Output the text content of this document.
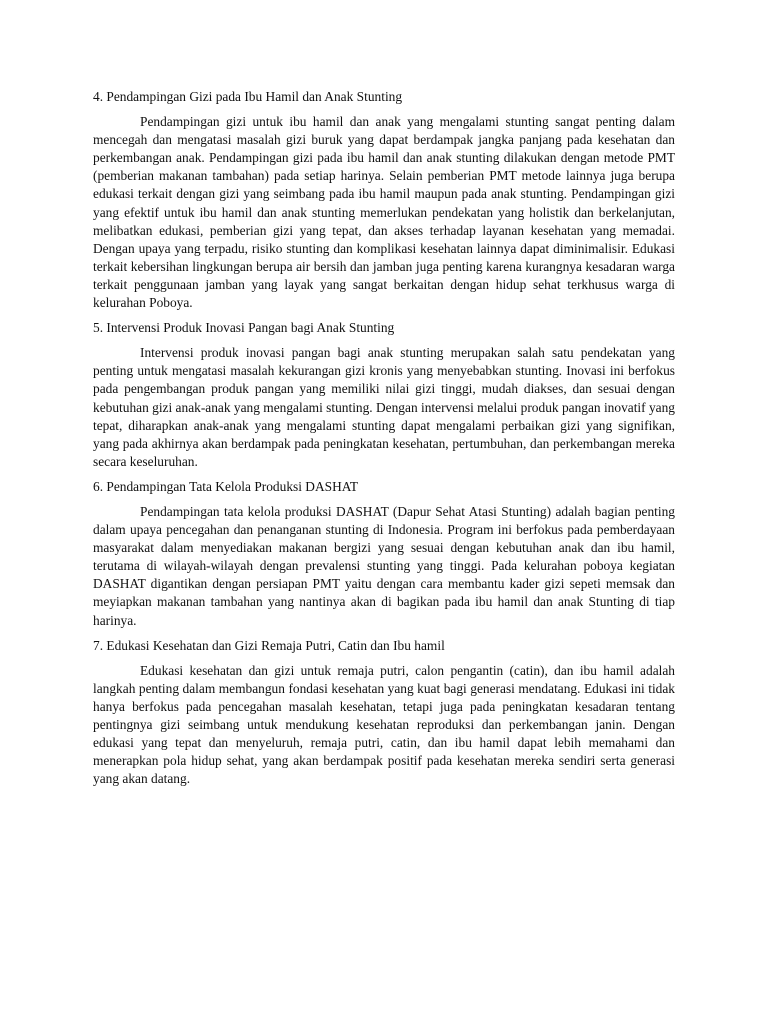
4. Pendampingan Gizi pada Ibu Hamil dan Anak Stunting

Pendampingan gizi untuk ibu hamil dan anak yang mengalami stunting sangat penting dalam mencegah dan mengatasi masalah gizi buruk yang dapat berdampak jangka panjang pada kesehatan dan perkembangan anak. Pendampingan gizi pada ibu hamil dan anak stunting dilakukan dengan metode PMT (pemberian makanan tambahan) pada setiap harinya. Selain pemberian PMT metode lainnya juga berupa edukasi terkait dengan gizi yang seimbang pada ibu hamil maupun pada anak stunting. Pendampingan gizi yang efektif untuk ibu hamil dan anak stunting memerlukan pendekatan yang holistik dan berkelanjutan, melibatkan edukasi, pemberian gizi yang tepat, dan akses terhadap layanan kesehatan yang memadai. Dengan upaya yang terpadu, risiko stunting dan komplikasi kesehatan lainnya dapat diminimalisir. Edukasi terkait kebersihan lingkungan berupa air bersih dan jamban juga penting karena kurangnya kesadaran warga terkait penggunaan jamban yang layak yang sangat berkaitan dengan hidup sehat terkhusus warga di kelurahan Poboya.

5. Intervensi Produk Inovasi Pangan bagi Anak Stunting

Intervensi produk inovasi pangan bagi anak stunting merupakan salah satu pendekatan yang penting untuk mengatasi masalah kekurangan gizi kronis yang menyebabkan stunting. Inovasi ini berfokus pada pengembangan produk pangan yang memiliki nilai gizi tinggi, mudah diakses, dan sesuai dengan kebutuhan gizi anak-anak yang mengalami stunting. Dengan intervensi melalui produk pangan inovatif yang tepat, diharapkan anak-anak yang mengalami stunting dapat mengalami perbaikan gizi yang signifikan, yang pada akhirnya akan berdampak pada peningkatan kesehatan, pertumbuhan, dan perkembangan mereka secara keseluruhan.

6. Pendampingan Tata Kelola Produksi DASHAT

Pendampingan tata kelola produksi DASHAT (Dapur Sehat Atasi Stunting) adalah bagian penting dalam upaya pencegahan dan penanganan stunting di Indonesia. Program ini berfokus pada pemberdayaan masyarakat dalam menyediakan makanan bergizi yang sesuai dengan kebutuhan anak dan ibu hamil, terutama di wilayah-wilayah dengan prevalensi stunting yang tinggi. Pada kelurahan poboya kegiatan DASHAT digantikan dengan persiapan PMT yaitu dengan cara membantu kader gizi sepeti memsak dan meyiapkan makanan tambahan yang nantinya akan di bagikan pada ibu hamil dan anak Stunting di tiap harinya.

7. Edukasi Kesehatan dan Gizi Remaja Putri, Catin dan Ibu hamil

Edukasi kesehatan dan gizi untuk remaja putri, calon pengantin (catin), dan ibu hamil adalah langkah penting dalam membangun fondasi kesehatan yang kuat bagi generasi mendatang. Edukasi ini tidak hanya berfokus pada pencegahan masalah kesehatan, tetapi juga pada peningkatan kesadaran tentang pentingnya gizi seimbang untuk mendukung kesehatan reproduksi dan perkembangan janin. Dengan edukasi yang tepat dan menyeluruh, remaja putri, catin, dan ibu hamil dapat lebih memahami dan menerapkan pola hidup sehat, yang akan berdampak positif pada kesehatan mereka sendiri serta generasi yang akan datang.
